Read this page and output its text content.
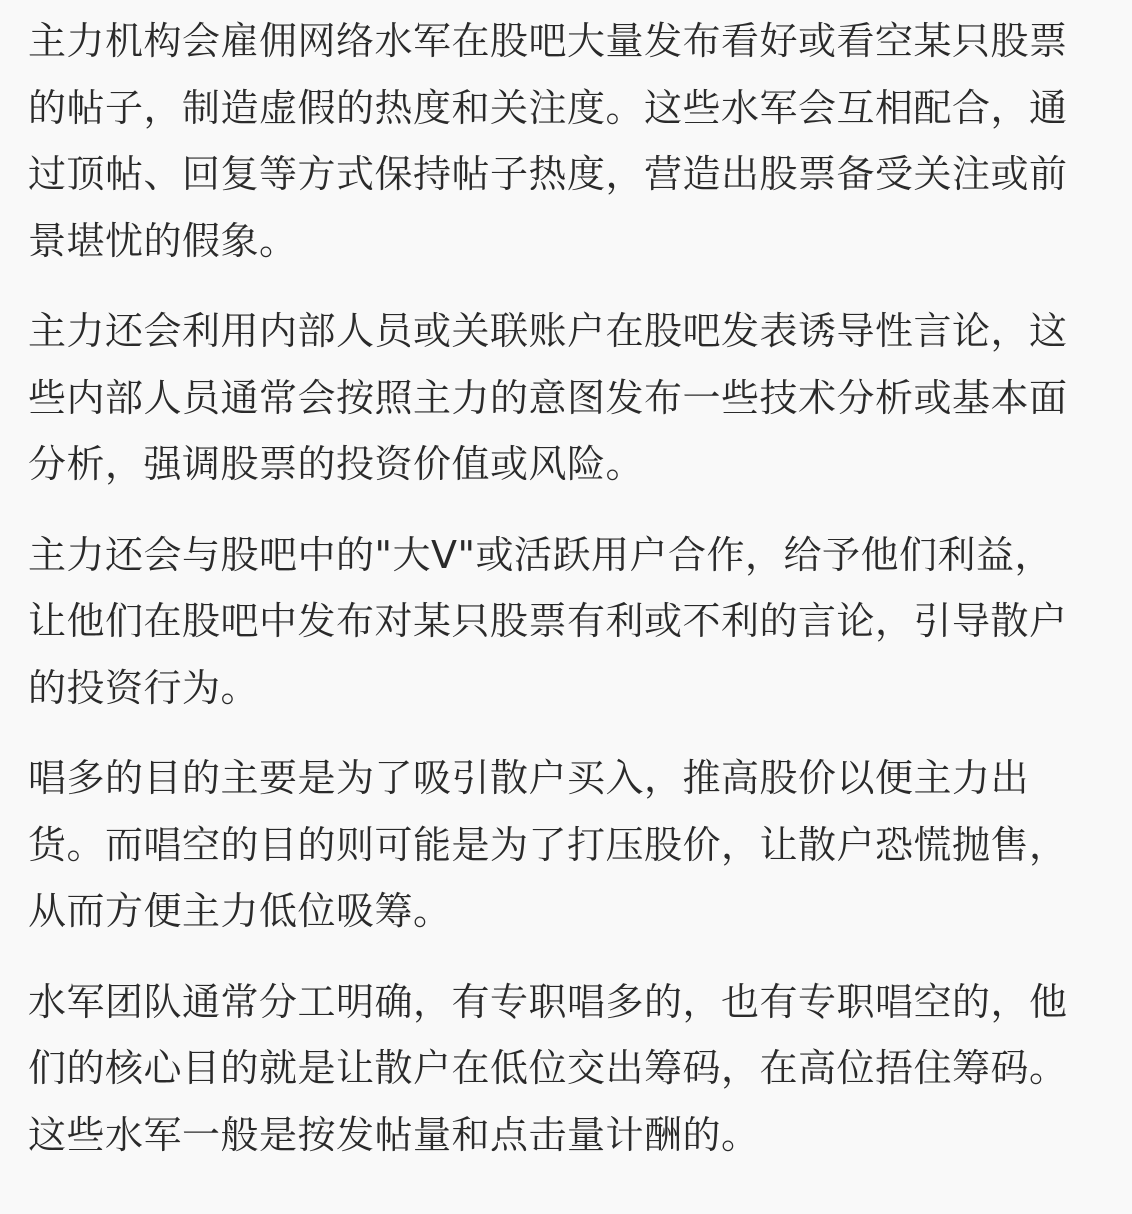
主力机构会雇佣网络水军在股吧大量发布看好或看空某只股票的帖子，制造虚假的热度和关注度。这些水军会互相配合，通过顶帖、回复等方式保持帖子热度，营造出股票备受关注或前景堪忧的假象。

主力还会利用内部人员或关联账户在股吧发表诱导性言论，这些内部人员通常会按照主力的意图发布一些技术分析或基本面分析，强调股票的投资价值或风险。

主力还会与股吧中的"大V"或活跃用户合作，给予他们利益，让他们在股吧中发布对某只股票有利或不利的言论，引导散户的投资行为。

唱多的目的主要是为了吸引散户买入，推高股价以便主力出货。而唱空的目的则可能是为了打压股价，让散户恐慌抛售，从而方便主力低位吸筹。

水军团队通常分工明确，有专职唱多的，也有专职唱空的，他们的核心目的就是让散户在低位交出筹码，在高位捂住筹码。这些水军一般是按发帖量和点击量计酬的。
